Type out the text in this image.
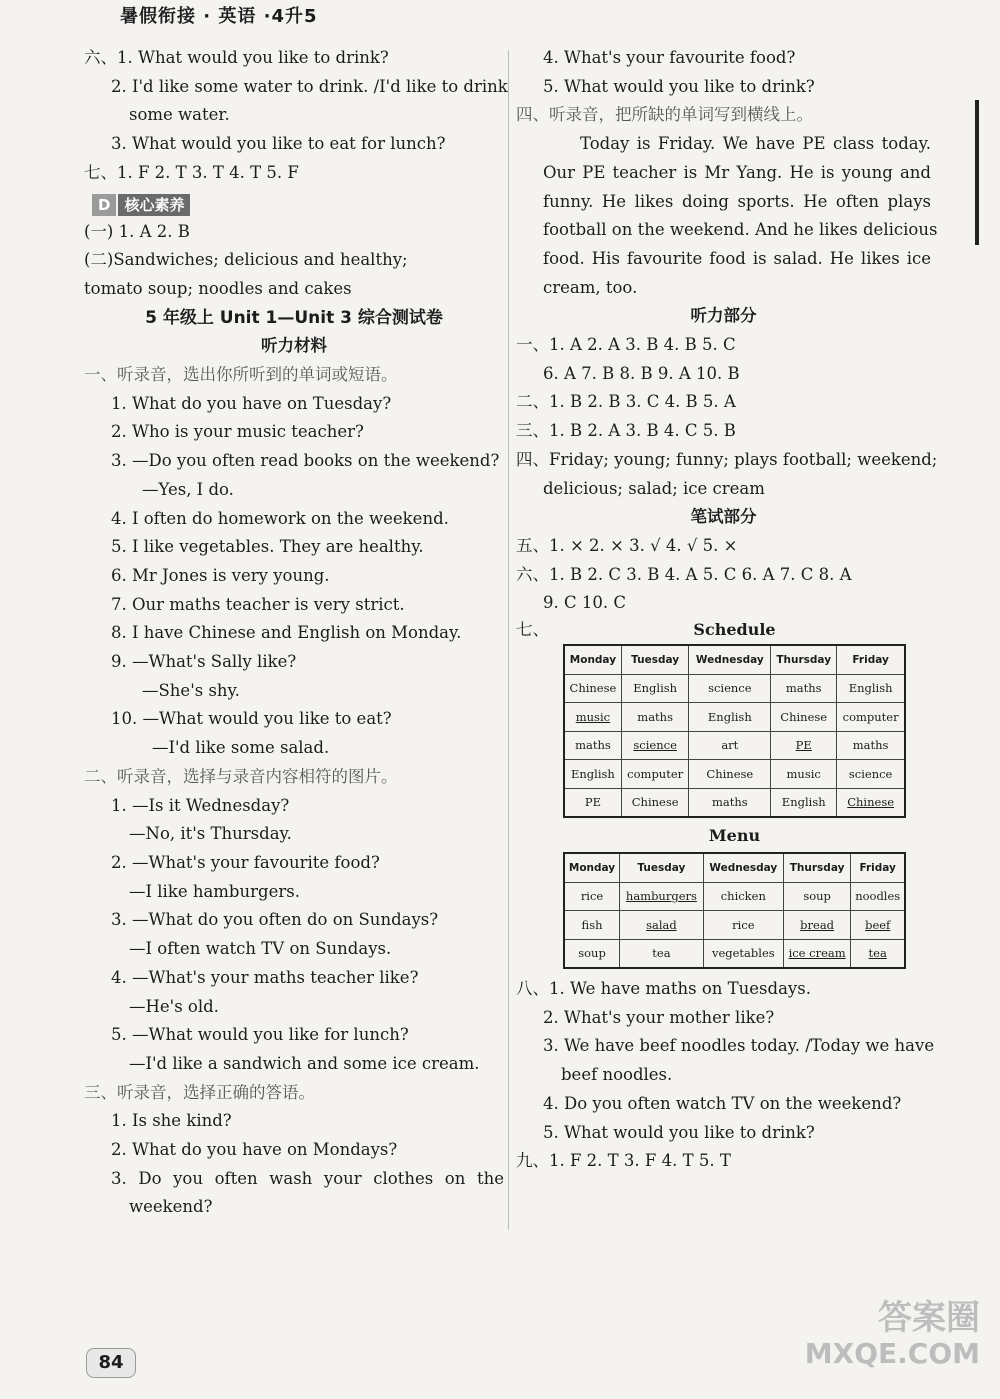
暑假衔接 · 英语 ·4升5
六、1. What would you like to drink?
2. I'd like some water to drink. /I'd like to drink
some water.
3. What would you like to eat for lunch?
七、1. F 2. T 3. T 4. T 5. F
D 核心素养
(一) 1. A 2. B
(二)Sandwiches; delicious and healthy;
tomato soup; noodles and cakes
5 年级上 Unit 1—Unit 3 综合测试卷
听力材料
一、听录音，选出你所听到的单词或短语。
1. What do you have on Tuesday?
2. Who is your music teacher?
3. —Do you often read books on the weekend?
—Yes, I do.
4. I often do homework on the weekend.
5. I like vegetables. They are healthy.
6. Mr Jones is very young.
7. Our maths teacher is very strict.
8. I have Chinese and English on Monday.
9. —What's Sally like?
—She's shy.
10. —What would you like to eat?
—I'd like some salad.
二、听录音，选择与录音内容相符的图片。
1. —Is it Wednesday?
—No, it's Thursday.
2. —What's your favourite food?
—I like hamburgers.
3. —What do you often do on Sundays?
—I often watch TV on Sundays.
4. —What's your maths teacher like?
—He's old.
5. —What would you like for lunch?
—I'd like a sandwich and some ice cream.
三、听录音，选择正确的答语。
1. Is she kind?
2. What do you have on Mondays?
3. Do you often wash your clothes on the
weekend?
4. What's your favourite food?
5. What would you like to drink?
四、听录音，把所缺的单词写到横线上。
Today is Friday. We have PE class today.
Our PE teacher is Mr Yang. He is young and
funny. He likes doing sports. He often plays
football on the weekend. And he likes delicious
food. His favourite food is salad. He likes ice
cream, too.
听力部分
一、1. A 2. A 3. B 4. B 5. C
6. A 7. B 8. B 9. A 10. B
二、1. B 2. B 3. C 4. B 5. A
三、1. B 2. A 3. B 4. C 5. B
四、Friday; young; funny; plays football; weekend;
delicious; salad; ice cream
笔试部分
五、1. × 2. × 3. √ 4. √ 5. ×
六、1. B 2. C 3. B 4. A 5. C 6. A 7. C 8. A
9. C 10. C
七、	Schedule
Monday	Tuesday	Wednesday	Thursday	Friday
Chinese	English	science	maths	English
music	maths	English	Chinese	computer
maths	science	art	PE	maths
English	computer	Chinese	music	science
PE	Chinese	maths	English	Chinese
Menu
Monday	Tuesday	Wednesday	Thursday	Friday
rice	hamburgers	chicken	soup	noodles
fish	salad	rice	bread	beef
soup	tea	vegetables	ice cream	tea
八、1. We have maths on Tuesdays.
2. What's your mother like?
3. We have beef noodles today. /Today we have
beef noodles.
4. Do you often watch TV on the weekend?
5. What would you like to drink?
九、1. F 2. T 3. F 4. T 5. T
84
答案圈
MXQE.COM
